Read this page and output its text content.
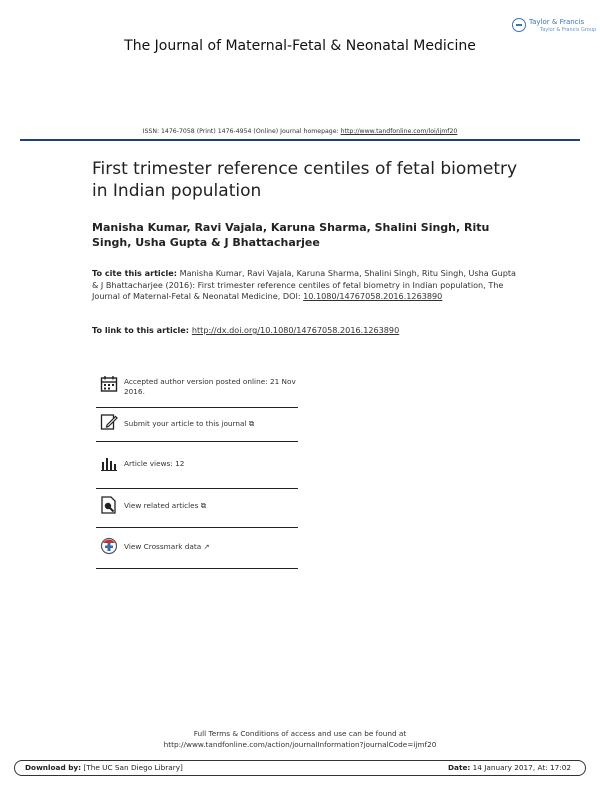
Taylor & Francis
Taylor & Francis Group
The Journal of Maternal-Fetal & Neonatal Medicine
ISSN: 1476-7058 (Print) 1476-4954 (Online) Journal homepage: http://www.tandfonline.com/loi/ijmf20
First trimester reference centiles of fetal biometry in Indian population
Manisha Kumar, Ravi Vajala, Karuna Sharma, Shalini Singh, Ritu Singh, Usha Gupta & J Bhattacharjee
To cite this article: Manisha Kumar, Ravi Vajala, Karuna Sharma, Shalini Singh, Ritu Singh, Usha Gupta & J Bhattacharjee (2016): First trimester reference centiles of fetal biometry in Indian population, The Journal of Maternal-Fetal & Neonatal Medicine, DOI: 10.1080/14767058.2016.1263890
To link to this article: http://dx.doi.org/10.1080/14767058.2016.1263890
Accepted author version posted online: 21 Nov 2016.
Submit your article to this journal ⧉
Article views: 12
View related articles ⧉
View Crossmark data ↗
Full Terms & Conditions of access and use can be found at
http://www.tandfonline.com/action/journalInformation?journalCode=ijmf20
Download by: [The UC San Diego Library]	Date: 14 January 2017, At: 17:02
